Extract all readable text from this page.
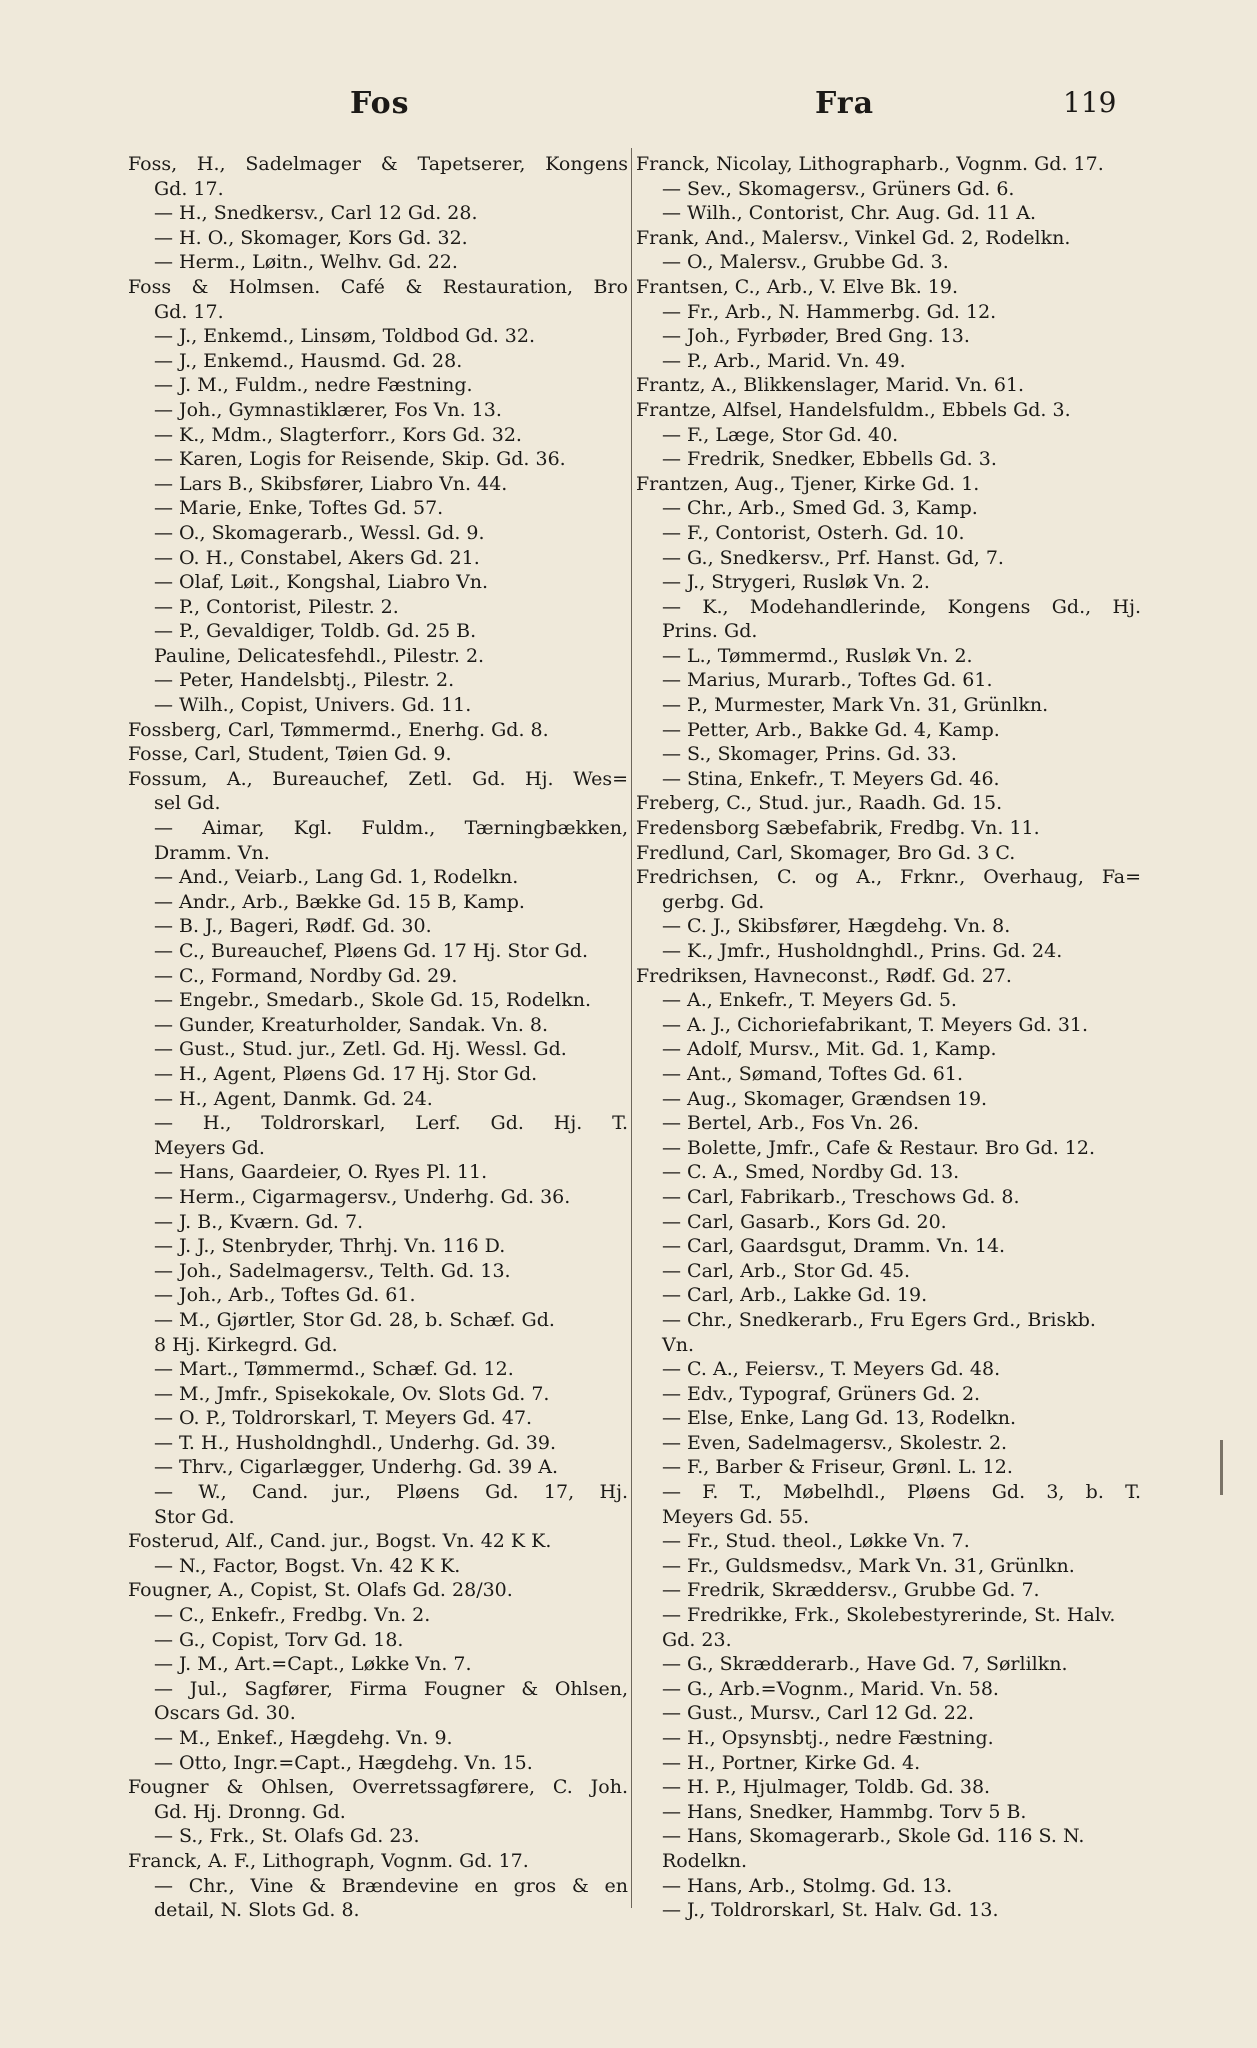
Fos	Fra	119
Foss, H., Sadelmager & Tapetserer, Kongens
Gd. 17.
— H., Snedkersv., Carl 12 Gd. 28.
— H. O., Skomager, Kors Gd. 32.
— Herm., Løitn., Welhv. Gd. 22.
Foss & Holmsen. Café & Restauration, Bro
Gd. 17.
— J., Enkemd., Linsøm, Toldbod Gd. 32.
— J., Enkemd., Hausmd. Gd. 28.
— J. M., Fuldm., nedre Fæstning.
— Joh., Gymnastiklærer, Fos Vn. 13.
— K., Mdm., Slagterforr., Kors Gd. 32.
— Karen, Logis for Reisende, Skip. Gd. 36.
— Lars B., Skibsfører, Liabro Vn. 44.
— Marie, Enke, Toftes Gd. 57.
— O., Skomagerarb., Wessl. Gd. 9.
— O. H., Constabel, Akers Gd. 21.
— Olaf, Løit., Kongshal, Liabro Vn.
— P., Contorist, Pilestr. 2.
— P., Gevaldiger, Toldb. Gd. 25 B.
Pauline, Delicatesfehdl., Pilestr. 2.
— Peter, Handelsbtj., Pilestr. 2.
— Wilh., Copist, Univers. Gd. 11.
Fossberg, Carl, Tømmermd., Enerhg. Gd. 8.
Fosse, Carl, Student, Tøien Gd. 9.
Fossum, A., Bureauchef, Zetl. Gd. Hj. Wes=
sel Gd.
— Aimar, Kgl. Fuldm., Tærningbækken,
Dramm. Vn.
— And., Veiarb., Lang Gd. 1, Rodelkn.
— Andr., Arb., Bække Gd. 15 B, Kamp.
— B. J., Bageri, Rødf. Gd. 30.
— C., Bureauchef, Pløens Gd. 17 Hj. Stor Gd.
— C., Formand, Nordby Gd. 29.
— Engebr., Smedarb., Skole Gd. 15, Rodelkn.
— Gunder, Kreaturholder, Sandak. Vn. 8.
— Gust., Stud. jur., Zetl. Gd. Hj. Wessl. Gd.
— H., Agent, Pløens Gd. 17 Hj. Stor Gd.
— H., Agent, Danmk. Gd. 24.
— H., Toldrorskarl, Lerf. Gd. Hj. T.
Meyers Gd.
— Hans, Gaardeier, O. Ryes Pl. 11.
— Herm., Cigarmagersv., Underhg. Gd. 36.
— J. B., Kværn. Gd. 7.
— J. J., Stenbryder, Thrhj. Vn. 116 D.
— Joh., Sadelmagersv., Telth. Gd. 13.
— Joh., Arb., Toftes Gd. 61.
— M., Gjørtler, Stor Gd. 28, b. Schæf. Gd.
8 Hj. Kirkegrd. Gd.
— Mart., Tømmermd., Schæf. Gd. 12.
— M., Jmfr., Spisekokale, Ov. Slots Gd. 7.
— O. P., Toldrorskarl, T. Meyers Gd. 47.
— T. H., Husholdnghdl., Underhg. Gd. 39.
— Thrv., Cigarlægger, Underhg. Gd. 39 A.
— W., Cand. jur., Pløens Gd. 17, Hj.
Stor Gd.
Fosterud, Alf., Cand. jur., Bogst. Vn. 42 K K.
— N., Factor, Bogst. Vn. 42 K K.
Fougner, A., Copist, St. Olafs Gd. 28/30.
— C., Enkefr., Fredbg. Vn. 2.
— G., Copist, Torv Gd. 18.
— J. M., Art.=Capt., Løkke Vn. 7.
— Jul., Sagfører, Firma Fougner & Ohlsen,
Oscars Gd. 30.
— M., Enkef., Hægdehg. Vn. 9.
— Otto, Ingr.=Capt., Hægdehg. Vn. 15.
Fougner & Ohlsen, Overretssagførere, C. Joh.
Gd. Hj. Dronng. Gd.
— S., Frk., St. Olafs Gd. 23.
Franck, A. F., Lithograph, Vognm. Gd. 17.
— Chr., Vine & Brændevine en gros & en
detail, N. Slots Gd. 8.
Franck, Nicolay, Lithographarb., Vognm. Gd. 17.
— Sev., Skomagersv., Grüners Gd. 6.
— Wilh., Contorist, Chr. Aug. Gd. 11 A.
Frank, And., Malersv., Vinkel Gd. 2, Rodelkn.
— O., Malersv., Grubbe Gd. 3.
Frantsen, C., Arb., V. Elve Bk. 19.
— Fr., Arb., N. Hammerbg. Gd. 12.
— Joh., Fyrbøder, Bred Gng. 13.
— P., Arb., Marid. Vn. 49.
Frantz, A., Blikkenslager, Marid. Vn. 61.
Frantze, Alfsel, Handelsfuldm., Ebbels Gd. 3.
— F., Læge, Stor Gd. 40.
— Fredrik, Snedker, Ebbells Gd. 3.
Frantzen, Aug., Tjener, Kirke Gd. 1.
— Chr., Arb., Smed Gd. 3, Kamp.
— F., Contorist, Osterh. Gd. 10.
— G., Snedkersv., Prf. Hanst. Gd, 7.
— J., Strygeri, Rusløk Vn. 2.
— K., Modehandlerinde, Kongens Gd., Hj.
Prins. Gd.
— L., Tømmermd., Rusløk Vn. 2.
— Marius, Murarb., Toftes Gd. 61.
— P., Murmester, Mark Vn. 31, Grünlkn.
— Petter, Arb., Bakke Gd. 4, Kamp.
— S., Skomager, Prins. Gd. 33.
— Stina, Enkefr., T. Meyers Gd. 46.
Freberg, C., Stud. jur., Raadh. Gd. 15.
Fredensborg Sæbefabrik, Fredbg. Vn. 11.
Fredlund, Carl, Skomager, Bro Gd. 3 C.
Fredrichsen, C. og A., Frknr., Overhaug, Fa=
gerbg. Gd.
— C. J., Skibsfører, Hægdehg. Vn. 8.
— K., Jmfr., Husholdnghdl., Prins. Gd. 24.
Fredriksen, Havneconst., Rødf. Gd. 27.
— A., Enkefr., T. Meyers Gd. 5.
— A. J., Cichoriefabrikant, T. Meyers Gd. 31.
— Adolf, Mursv., Mit. Gd. 1, Kamp.
— Ant., Sømand, Toftes Gd. 61.
— Aug., Skomager, Grændsen 19.
— Bertel, Arb., Fos Vn. 26.
— Bolette, Jmfr., Cafe & Restaur. Bro Gd. 12.
— C. A., Smed, Nordby Gd. 13.
— Carl, Fabrikarb., Treschows Gd. 8.
— Carl, Gasarb., Kors Gd. 20.
— Carl, Gaardsgut, Dramm. Vn. 14.
— Carl, Arb., Stor Gd. 45.
— Carl, Arb., Lakke Gd. 19.
— Chr., Snedkerarb., Fru Egers Grd., Briskb.
Vn.
— C. A., Feiersv., T. Meyers Gd. 48.
— Edv., Typograf, Grüners Gd. 2.
— Else, Enke, Lang Gd. 13, Rodelkn.
— Even, Sadelmagersv., Skolestr. 2.
— F., Barber & Friseur, Grønl. L. 12.
— F. T., Møbelhdl., Pløens Gd. 3, b. T.
Meyers Gd. 55.
— Fr., Stud. theol., Løkke Vn. 7.
— Fr., Guldsmedsv., Mark Vn. 31, Grünlkn.
— Fredrik, Skræddersv., Grubbe Gd. 7.
— Fredrikke, Frk., Skolebestyrerinde, St. Halv.
Gd. 23.
— G., Skrædderarb., Have Gd. 7, Sørlilkn.
— G., Arb.=Vognm., Marid. Vn. 58.
— Gust., Mursv., Carl 12 Gd. 22.
— H., Opsynsbtj., nedre Fæstning.
— H., Portner, Kirke Gd. 4.
— H. P., Hjulmager, Toldb. Gd. 38.
— Hans, Snedker, Hammbg. Torv 5 B.
— Hans, Skomagerarb., Skole Gd. 116 S. N.
Rodelkn.
— Hans, Arb., Stolmg. Gd. 13.
— J., Toldrorskarl, St. Halv. Gd. 13.
